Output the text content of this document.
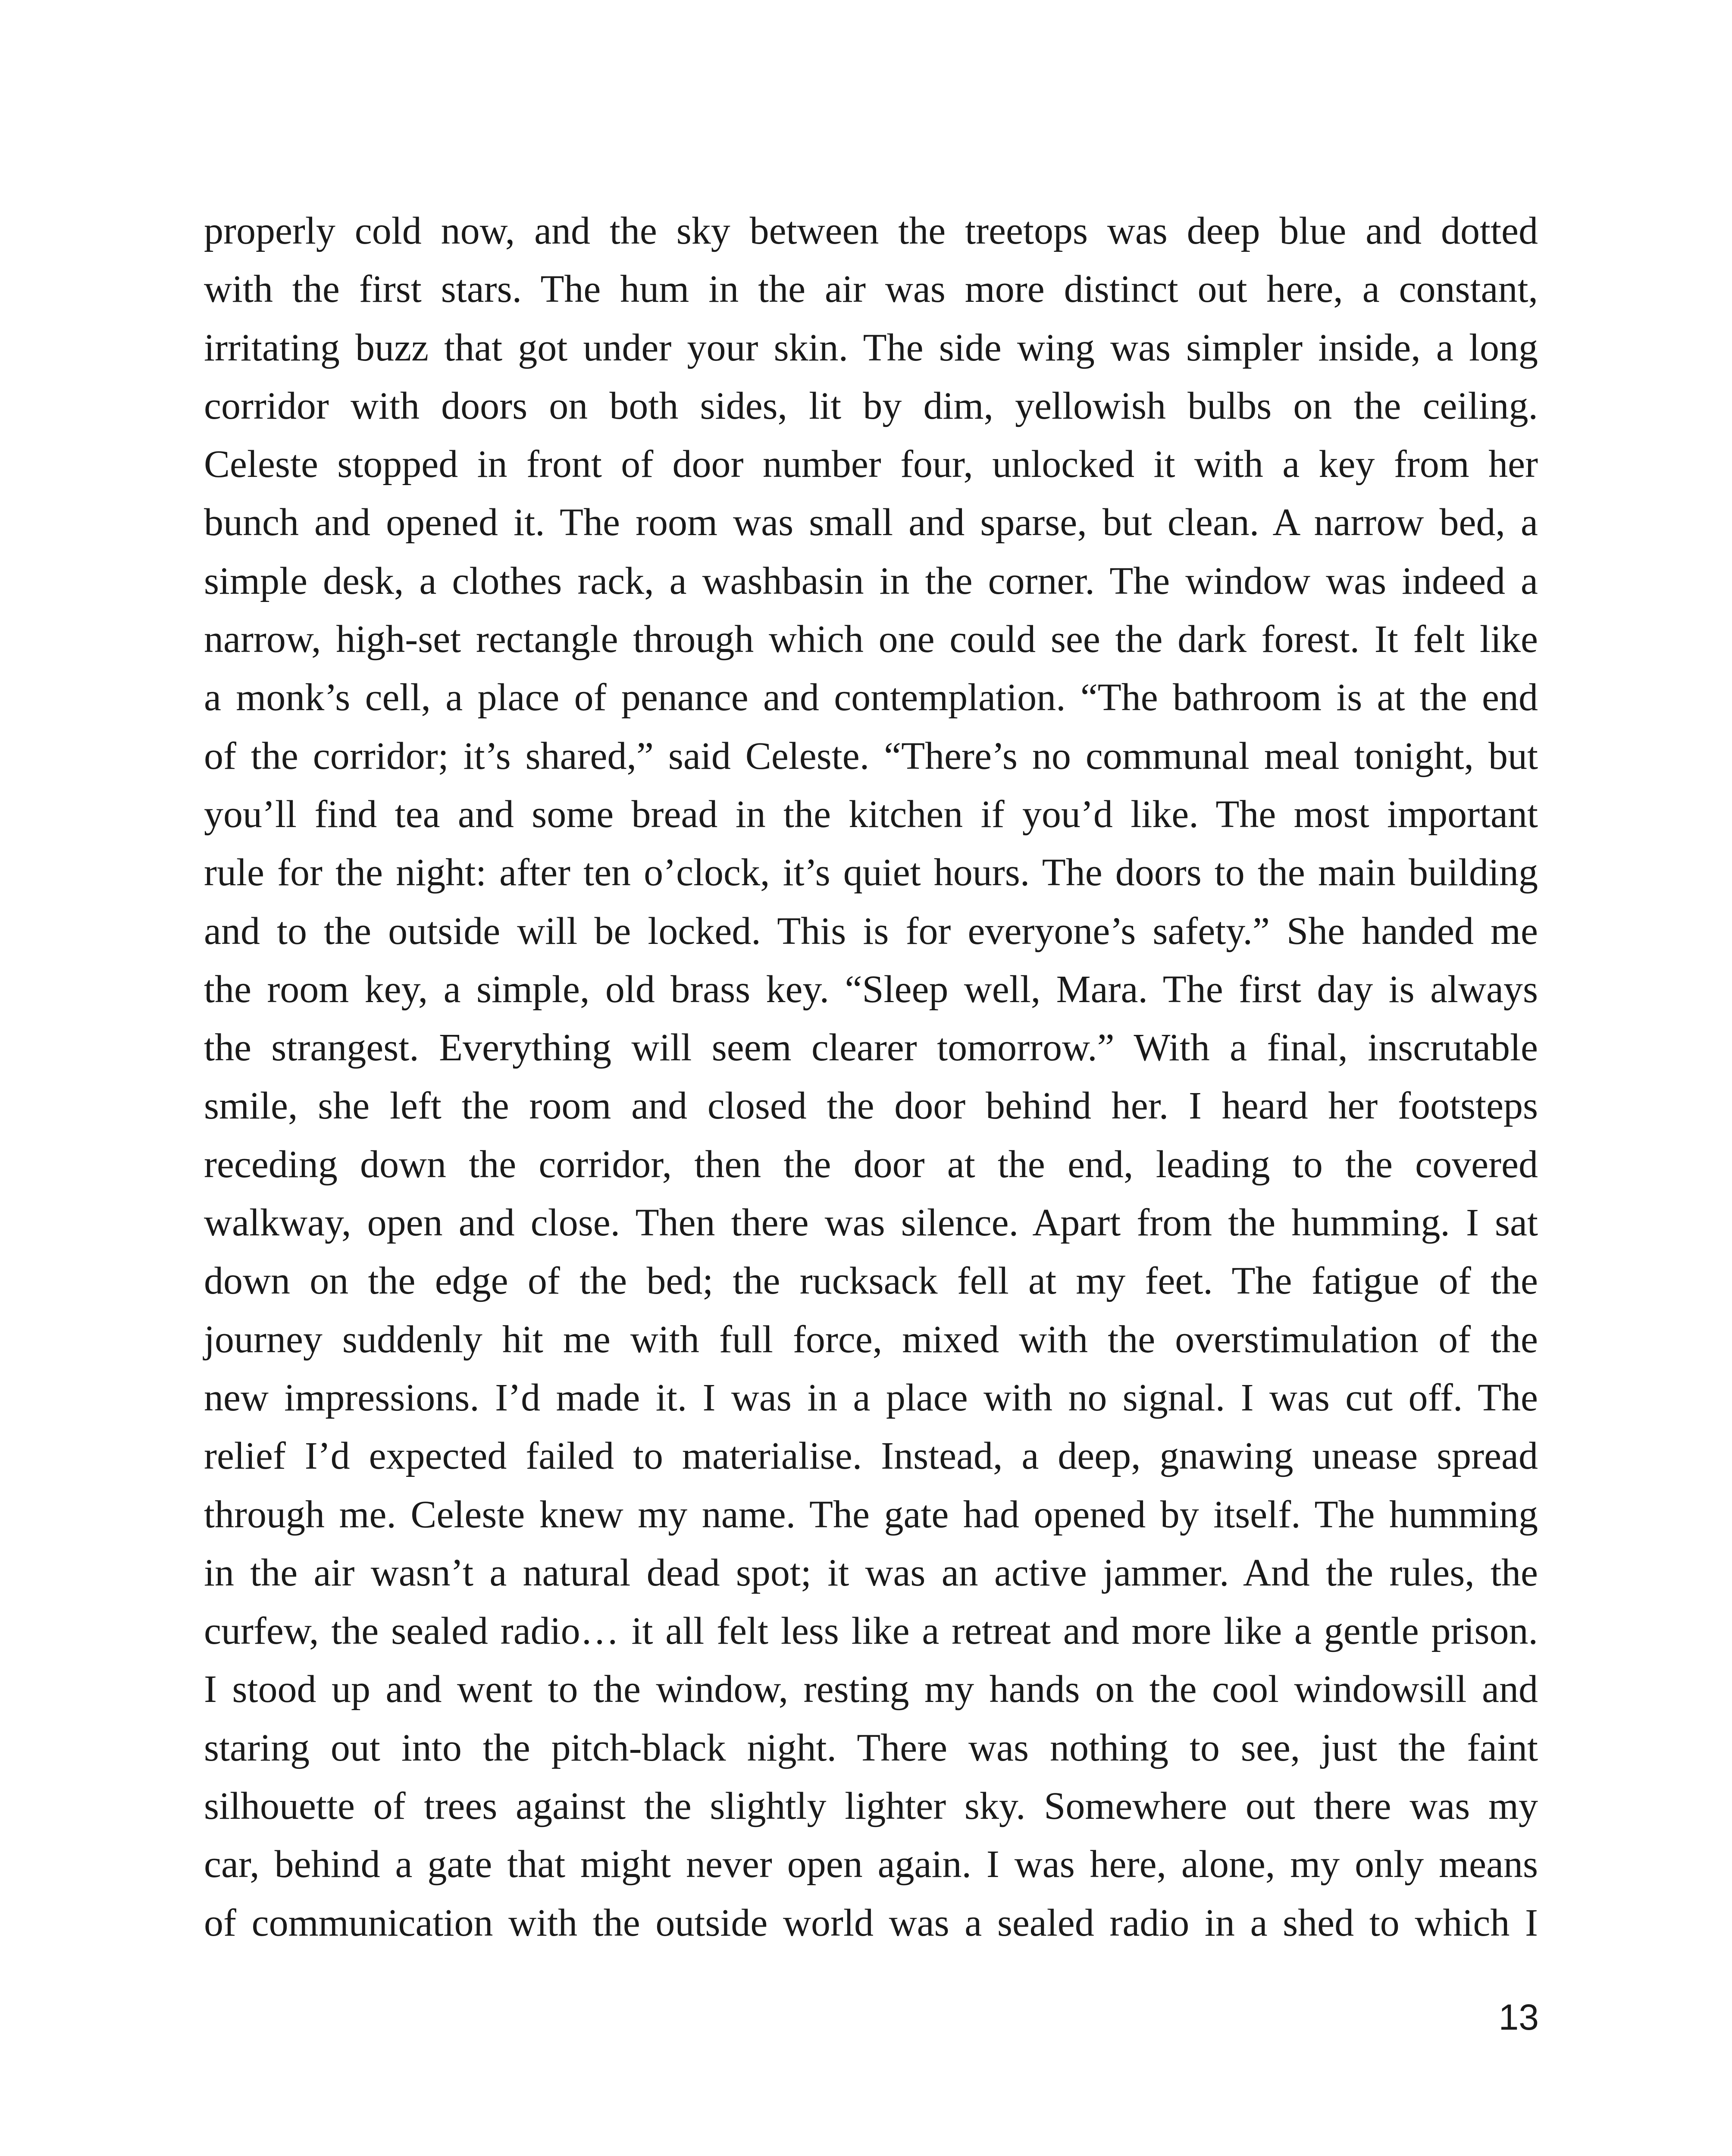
properly cold now, and the sky between the treetops was deep blue and dotted
with the first stars. The hum in the air was more distinct out here, a constant,
irritating buzz that got under your skin. The side wing was simpler inside, a long
corridor with doors on both sides, lit by dim, yellowish bulbs on the ceiling.
Celeste stopped in front of door number four, unlocked it with a key from her
bunch and opened it. The room was small and sparse, but clean. A narrow bed, a
simple desk, a clothes rack, a washbasin in the corner. The window was indeed a
narrow, high-set rectangle through which one could see the dark forest. It felt like
a monk’s cell, a place of penance and contemplation. “The bathroom is at the end
of the corridor; it’s shared,” said Celeste. “There’s no communal meal tonight, but
you’ll find tea and some bread in the kitchen if you’d like. The most important
rule for the night: after ten o’clock, it’s quiet hours. The doors to the main building
and to the outside will be locked. This is for everyone’s safety.” She handed me
the room key, a simple, old brass key. “Sleep well, Mara. The first day is always
the strangest. Everything will seem clearer tomorrow.” With a final, inscrutable
smile, she left the room and closed the door behind her. I heard her footsteps
receding down the corridor, then the door at the end, leading to the covered
walkway, open and close. Then there was silence. Apart from the humming. I sat
down on the edge of the bed; the rucksack fell at my feet. The fatigue of the
journey suddenly hit me with full force, mixed with the overstimulation of the
new impressions. I’d made it. I was in a place with no signal. I was cut off. The
relief I’d expected failed to materialise. Instead, a deep, gnawing unease spread
through me. Celeste knew my name. The gate had opened by itself. The humming
in the air wasn’t a natural dead spot; it was an active jammer. And the rules, the
curfew, the sealed radio… it all felt less like a retreat and more like a gentle prison.
I stood up and went to the window, resting my hands on the cool windowsill and
staring out into the pitch-black night. There was nothing to see, just the faint
silhouette of trees against the slightly lighter sky. Somewhere out there was my
car, behind a gate that might never open again. I was here, alone, my only means
of communication with the outside world was a sealed radio in a shed to which I
13
